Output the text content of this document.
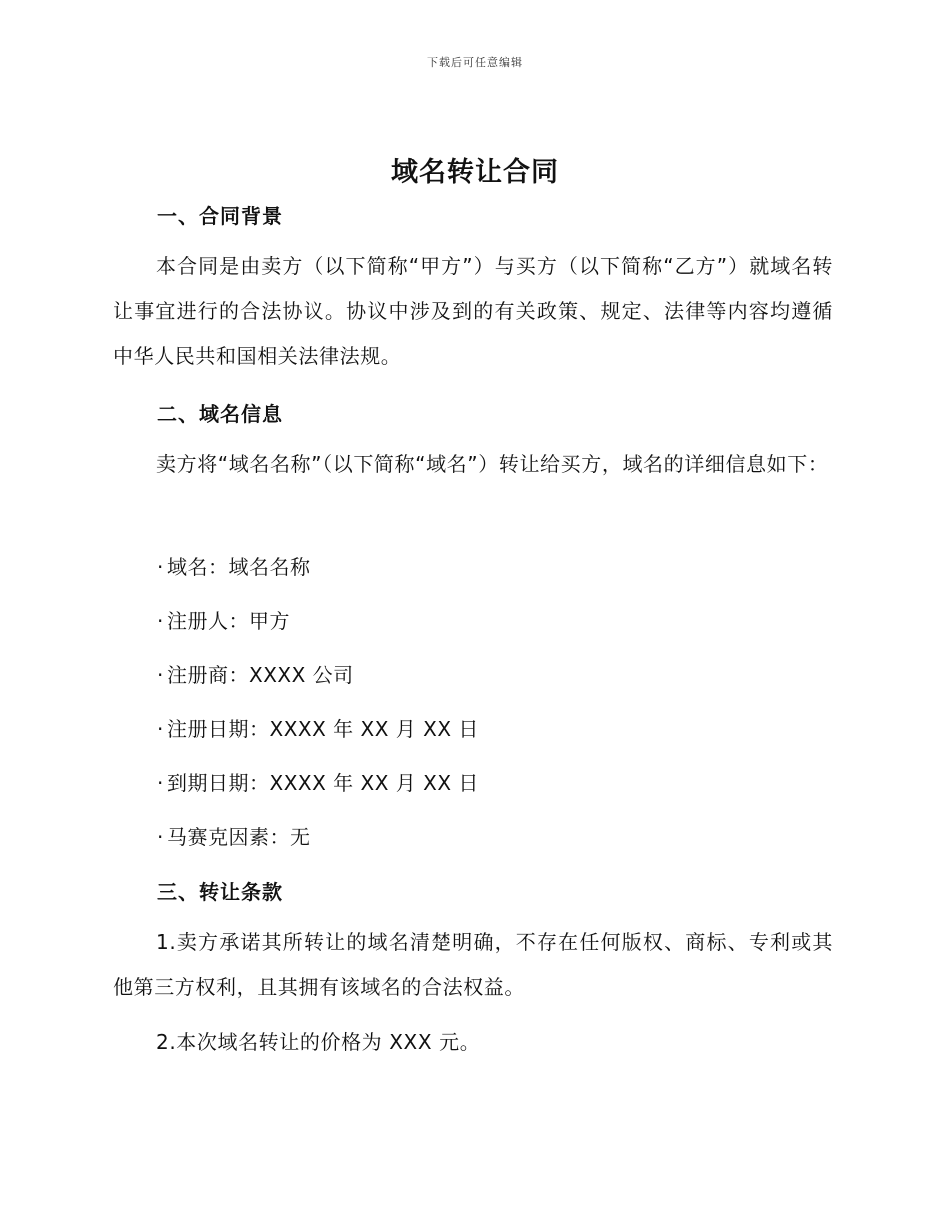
下载后可任意编辑
域名转让合同
一、合同背景
本合同是由卖方（以下简称“甲方”）与买方（以下简称“乙方”）就域名转让事宜进行的合法协议。协议中涉及到的有关政策、规定、法律等内容均遵循中华人民共和国相关法律法规。
二、域名信息
卖方将“域名名称”（以下简称“域名”）转让给买方，域名的详细信息如下：
· 域名：域名名称
· 注册人：甲方
· 注册商：XXXX 公司
· 注册日期：XXXX 年 XX 月 XX 日
· 到期日期：XXXX 年 XX 月 XX 日
· 马赛克因素：无
三、转让条款
1.卖方承诺其所转让的域名清楚明确，不存在任何版权、商标、专利或其他第三方权利，且其拥有该域名的合法权益。
2.本次域名转让的价格为 XXX 元。
